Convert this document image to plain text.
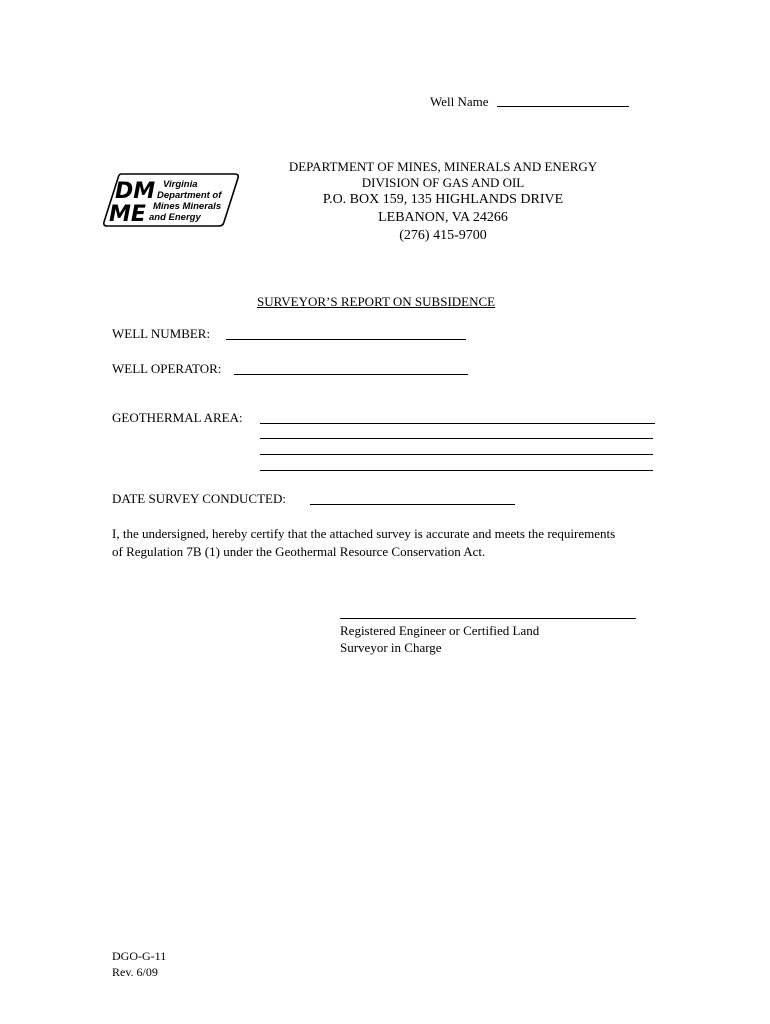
Well Name
DM
ME
Virginia
Department of
Mines Minerals
and Energy
DEPARTMENT OF MINES, MINERALS AND ENERGY
DIVISION OF GAS AND OIL
P.O. BOX 159, 135 HIGHLANDS DRIVE
LEBANON, VA 24266
(276) 415-9700
SURVEYOR’S REPORT ON SUBSIDENCE
WELL NUMBER:
WELL OPERATOR:
GEOTHERMAL AREA:
DATE SURVEY CONDUCTED:
I, the undersigned, hereby certify that the attached survey is accurate and meets the requirements
of Regulation 7B (1) under the Geothermal Resource Conservation Act.
Registered Engineer or Certified Land
Surveyor in Charge
DGO-G-11
Rev. 6/09
